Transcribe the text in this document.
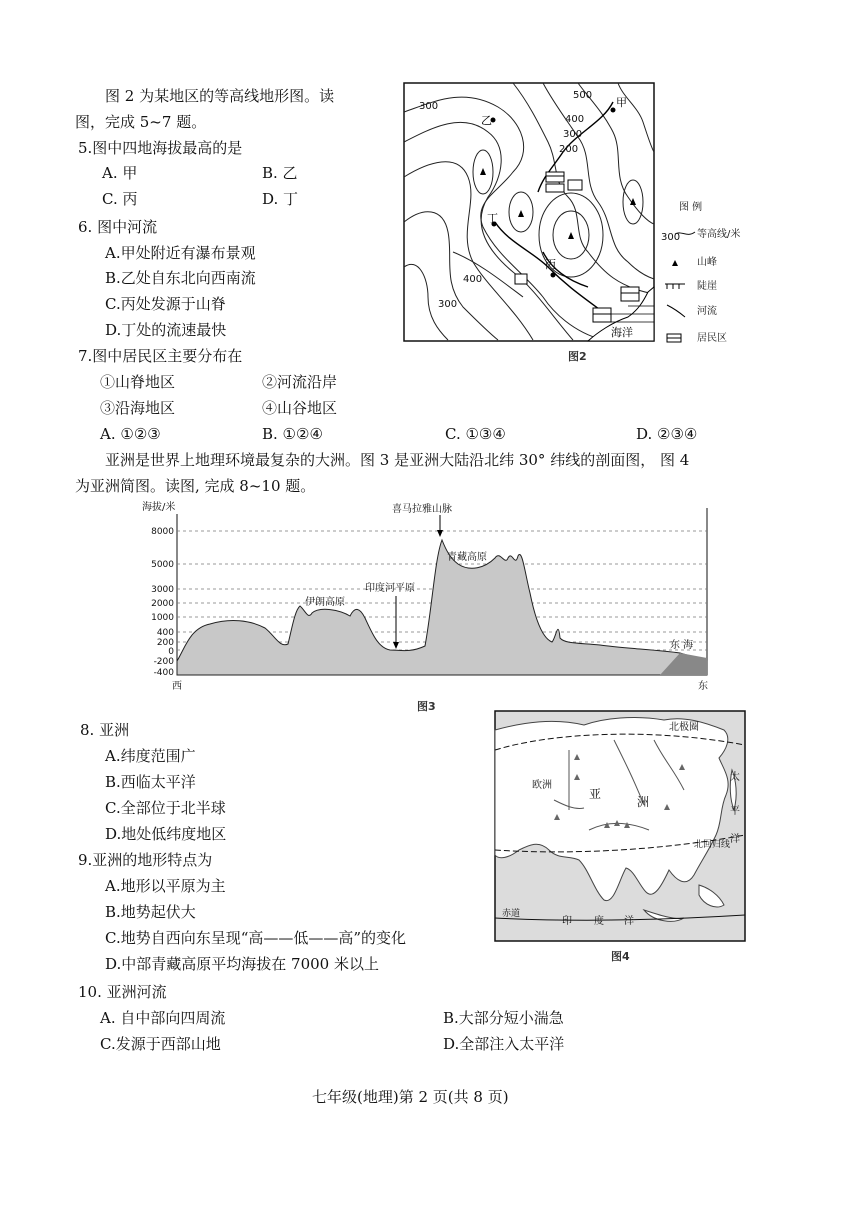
图 2 为某地区的等高线地形图。读
图，完成 5~7 题。
5.图中四地海拔最高的是
A. 甲	B. 乙
C. 丙	D. 丁
6. 图中河流
A.甲处附近有瀑布景观
B.乙处自东北向西南流
C.丙处发源于山脊
D.丁处的流速最快
7.图中居民区主要分布在
①山脊地区	②河流沿岸
③沿海地区	④山谷地区
A. ①②③	B. ①②④	C. ①③④	D. ②③④
亚洲是世界上地理环境最复杂的大洲。图 3 是亚洲大陆沿北纬 30° 纬线的剖面图， 图 4
为亚洲简图。读图, 完成 8~10 题。
300
500
400
300
200
400
300
甲
乙
丙
丁
海洋
图 例
300 等高线/米
山峰
陡崖
河流
居民区
图2
海拔/米
8000
5000
3000
2000
1000
400
200
0
-200
-400
喜马拉雅山脉
青藏高原
伊朗高原
印度河平原
东 海
西	东
图3
8. 亚洲
A.纬度范围广
B.西临太平洋
C.全部位于北半球
D.地处低纬度地区
9.亚洲的地形特点为
A.地形以平原为主
B.地势起伏大
C.地势自西向东呈现“高——低——高”的变化
D.中部青藏高原平均海拔在 7000 米以上
北极圈
欧洲
亚
洲
太
平
洋
北回归线
赤道
印 度 洋
图4
10. 亚洲河流
A. 自中部向四周流	B.大部分短小湍急
C.发源于西部山地	D.全部注入太平洋
七年级(地理)第 2 页(共 8 页)
